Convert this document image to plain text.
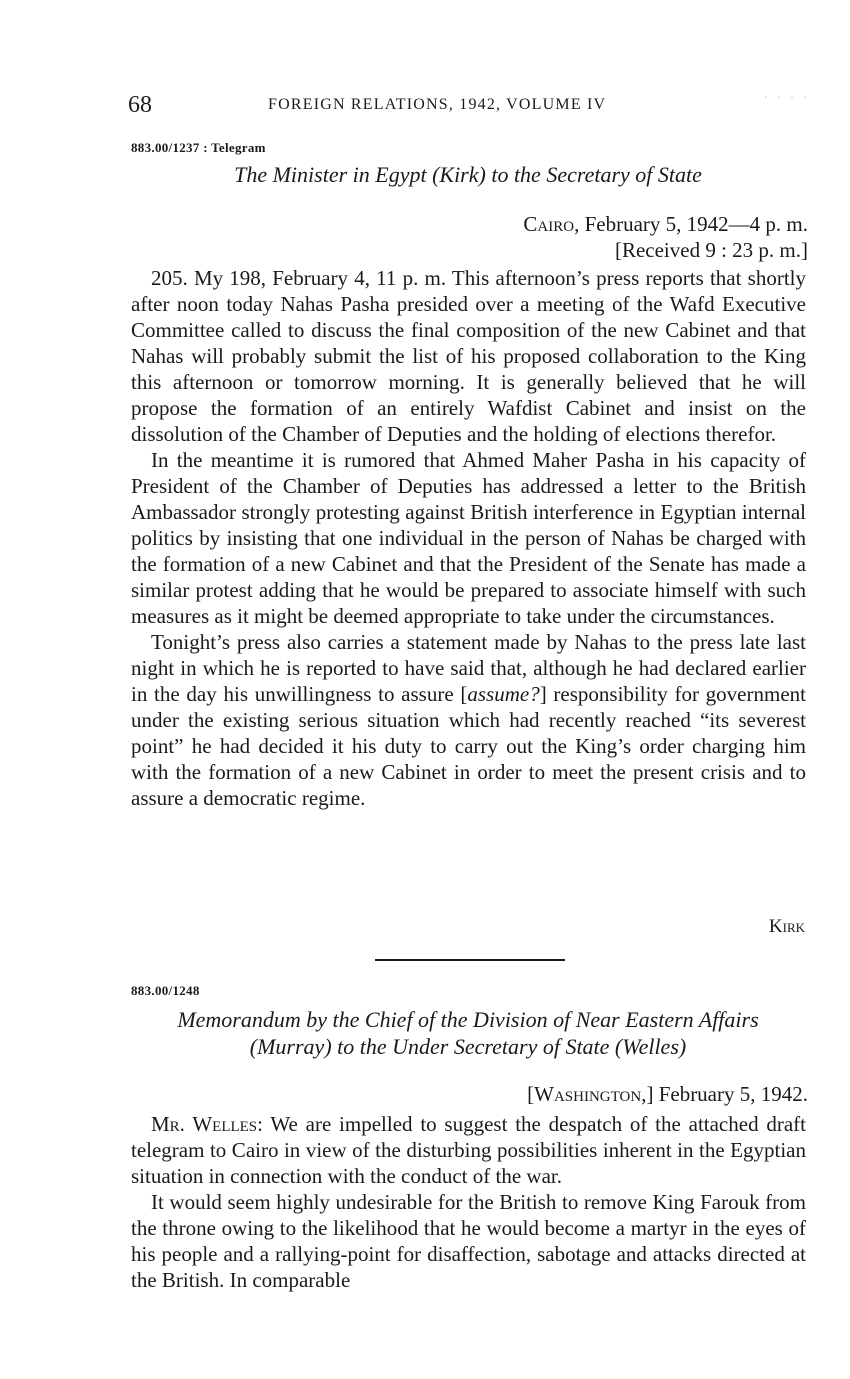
· · · ·
68	FOREIGN RELATIONS, 1942, VOLUME IV
883.00/1237 : Telegram
The Minister in Egypt (Kirk) to the Secretary of State
Cairo, February 5, 1942—4 p. m.
[Received 9 : 23 p. m.]

205. My 198, February 4, 11 p. m. This afternoon’s press reports that shortly after noon today Nahas Pasha presided over a meeting of the Wafd Executive Committee called to discuss the final composition of the new Cabinet and that Nahas will probably submit the list of his proposed collaboration to the King this afternoon or tomorrow morning. It is generally believed that he will propose the formation of an entirely Wafdist Cabinet and insist on the dissolution of the Chamber of Deputies and the holding of elections therefor.

In the meantime it is rumored that Ahmed Maher Pasha in his capacity of President of the Chamber of Deputies has addressed a letter to the British Ambassador strongly protesting against British interference in Egyptian internal politics by insisting that one individual in the person of Nahas be charged with the formation of a new Cabinet and that the President of the Senate has made a similar protest adding that he would be prepared to associate himself with such measures as it might be deemed appropriate to take under the circumstances.

Tonight’s press also carries a statement made by Nahas to the press late last night in which he is reported to have said that, although he had declared earlier in the day his unwillingness to assure [assume?] responsibility for government under the existing serious situation which had recently reached “its severest point” he had decided it his duty to carry out the King’s order charging him with the formation of a new Cabinet in order to meet the present crisis and to assure a democratic regime.

Kirk
883.00/1248
Memorandum by the Chief of the Division of Near Eastern Affairs
(Murray) to the Under Secretary of State (Welles)
[Washington,] February 5, 1942.

Mr. Welles: We are impelled to suggest the despatch of the attached draft telegram to Cairo in view of the disturbing possibilities inherent in the Egyptian situation in connection with the conduct of the war.

It would seem highly undesirable for the British to remove King Farouk from the throne owing to the likelihood that he would become a martyr in the eyes of his people and a rallying-point for disaffection, sabotage and attacks directed at the British. In comparable
